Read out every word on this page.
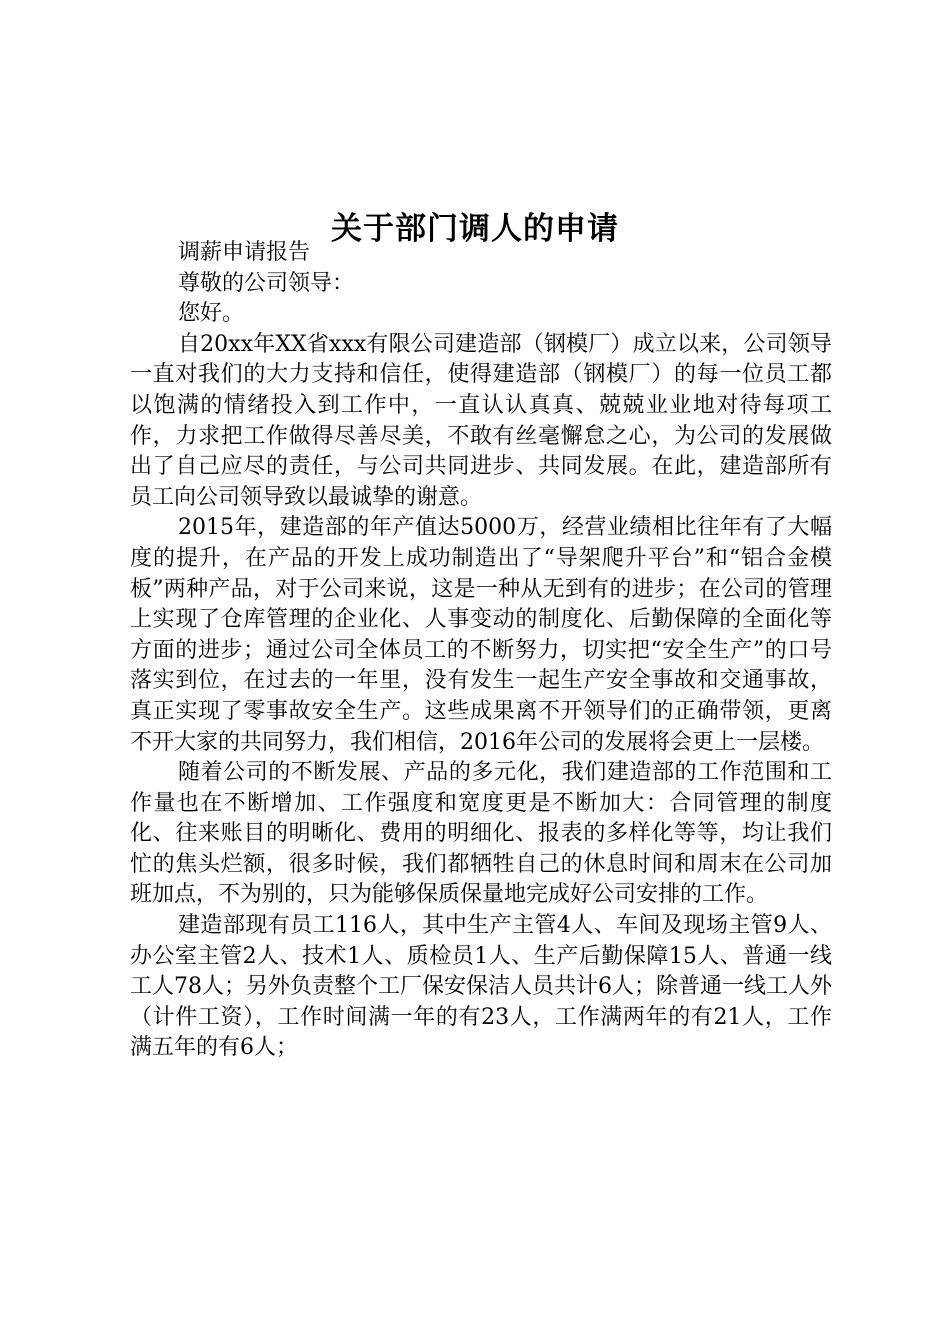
关于部门调人的申请

调薪申请报告

尊敬的公司领导：

您好。

自20xx年XX省xxx有限公司建造部（钢模厂）成立以来，公司领导一直对我们的大力支持和信任，使得建造部（钢模厂）的每一位员工都以饱满的情绪投入到工作中，一直认认真真、兢兢业业地对待每项工作，力求把工作做得尽善尽美，不敢有丝毫懈怠之心，为公司的发展做出了自己应尽的责任，与公司共同进步、共同发展。在此，建造部所有员工向公司领导致以最诚挚的谢意。

2015年，建造部的年产值达5000万，经营业绩相比往年有了大幅度的提升，在产品的开发上成功制造出了“导架爬升平台”和“铝合金模板”两种产品，对于公司来说，这是一种从无到有的进步；在公司的管理上实现了仓库管理的企业化、人事变动的制度化、后勤保障的全面化等方面的进步；通过公司全体员工的不断努力，切实把“安全生产”的口号落实到位，在过去的一年里，没有发生一起生产安全事故和交通事故，真正实现了零事故安全生产。这些成果离不开领导们的正确带领，更离不开大家的共同努力，我们相信，2016年公司的发展将会更上一层楼。

随着公司的不断发展、产品的多元化，我们建造部的工作范围和工作量也在不断增加、工作强度和宽度更是不断加大：合同管理的制度化、往来账目的明晰化、费用的明细化、报表的多样化等等，均让我们忙的焦头烂额，很多时候，我们都牺牲自己的休息时间和周末在公司加班加点，不为别的，只为能够保质保量地完成好公司安排的工作。

建造部现有员工116人，其中生产主管4人、车间及现场主管9人、办公室主管2人、技术1人、质检员1人、生产后勤保障15人、普通一线工人78人；另外负责整个工厂保安保洁人员共计6人；除普通一线工人外（计件工资），工作时间满一年的有23人，工作满两年的有21人，工作满五年的有6人；
